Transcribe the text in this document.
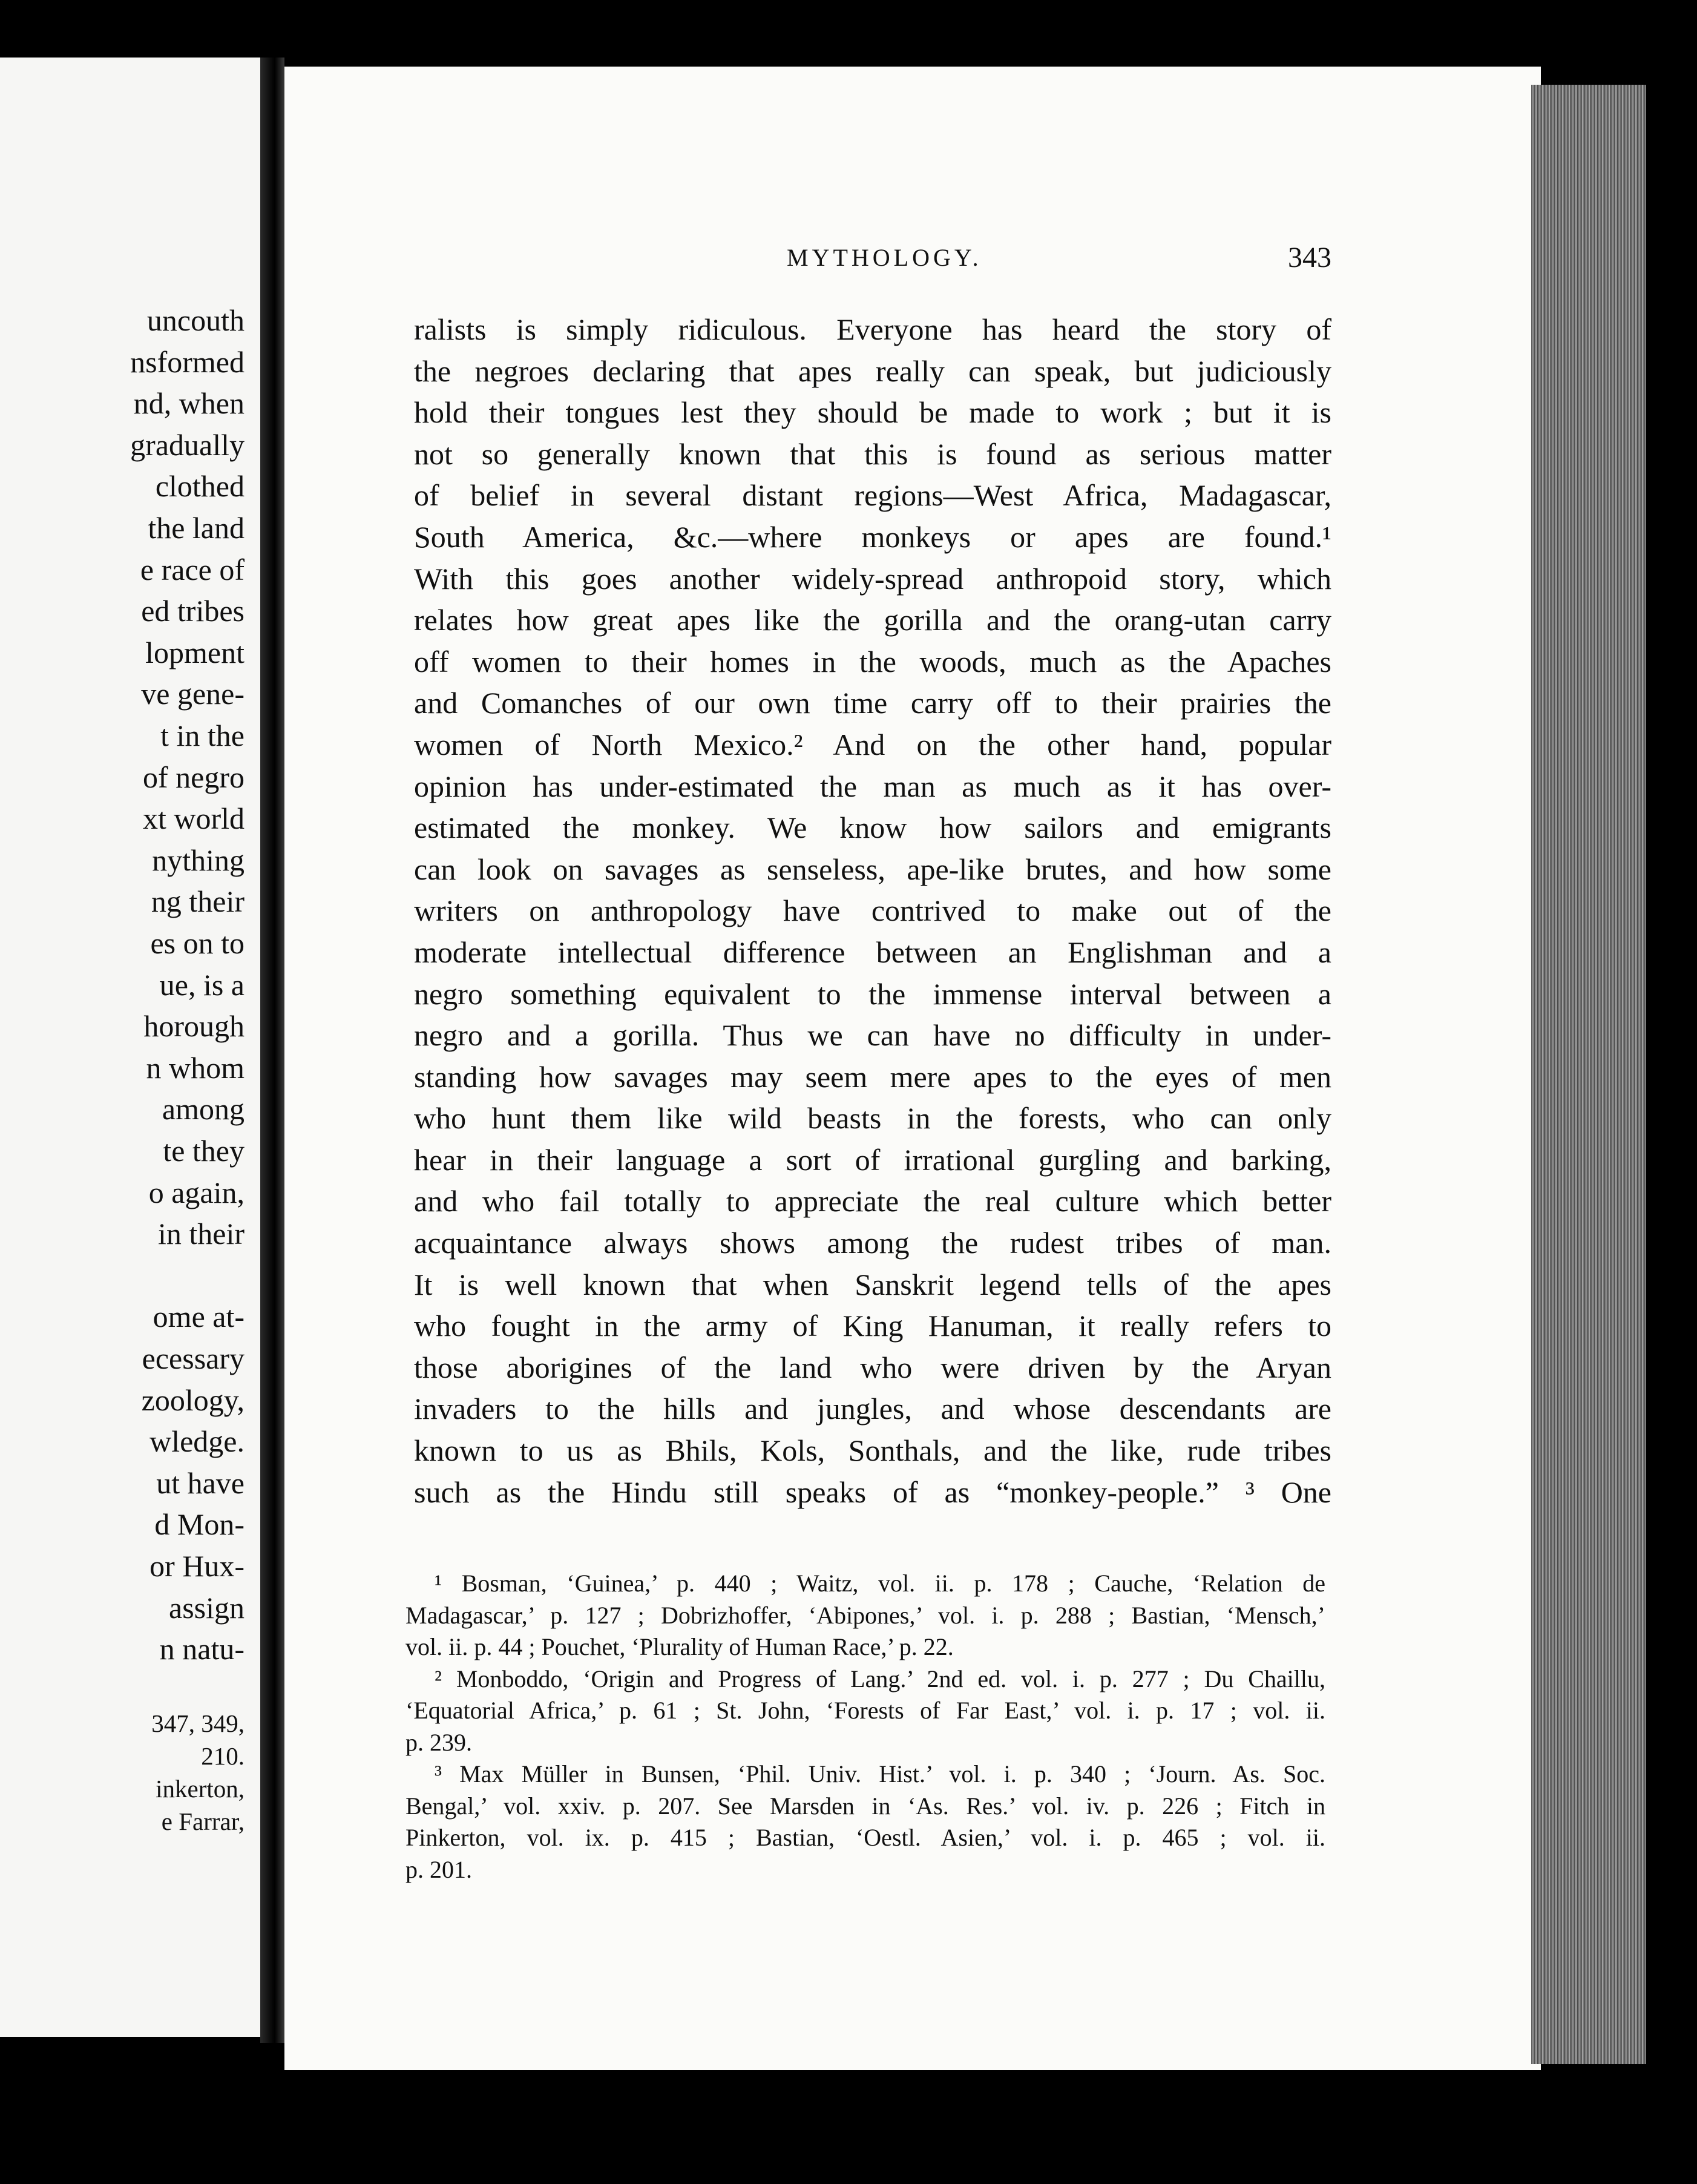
uncouth
nsformed
nd, when
gradually
clothed
the land
e race of
ed tribes
lopment
ve gene-
t in the
of negro
xt world
nything
ng their
es on to
ue, is a
horough
n whom
among
te they
o again,
in their
ome at-
ecessary
zoology,
wledge.
ut have
d Mon-
or Hux-
assign
n natu-
347, 349,
210.
inkerton,
e Farrar,
MYTHOLOGY.	343
ralists is simply ridiculous. Everyone has heard the story of
the negroes declaring that apes really can speak, but judiciously
hold their tongues lest they should be made to work ; but it is
not so generally known that this is found as serious matter
of belief in several distant regions—West Africa, Madagascar,
South America, &c.—where monkeys or apes are found.¹
With this goes another widely-spread anthropoid story, which
relates how great apes like the gorilla and the orang-utan carry
off women to their homes in the woods, much as the Apaches
and Comanches of our own time carry off to their prairies the
women of North Mexico.² And on the other hand, popular
opinion has under-estimated the man as much as it has over-
estimated the monkey. We know how sailors and emigrants
can look on savages as senseless, ape-like brutes, and how some
writers on anthropology have contrived to make out of the
moderate intellectual difference between an Englishman and a
negro something equivalent to the immense interval between a
negro and a gorilla. Thus we can have no difficulty in under-
standing how savages may seem mere apes to the eyes of men
who hunt them like wild beasts in the forests, who can only
hear in their language a sort of irrational gurgling and barking,
and who fail totally to appreciate the real culture which better
acquaintance always shows among the rudest tribes of man.
It is well known that when Sanskrit legend tells of the apes
who fought in the army of King Hanuman, it really refers to
those aborigines of the land who were driven by the Aryan
invaders to the hills and jungles, and whose descendants are
known to us as Bhils, Kols, Sonthals, and the like, rude tribes
such as the Hindu still speaks of as “monkey-people.” ³ One
¹ Bosman, ‘Guinea,’ p. 440 ; Waitz, vol. ii. p. 178 ; Cauche, ‘Relation de
Madagascar,’ p. 127 ; Dobrizhoffer, ‘Abipones,’ vol. i. p. 288 ; Bastian, ‘Mensch,’
vol. ii. p. 44 ; Pouchet, ‘Plurality of Human Race,’ p. 22.
² Monboddo, ‘Origin and Progress of Lang.’ 2nd ed. vol. i. p. 277 ; Du Chaillu,
‘Equatorial Africa,’ p. 61 ; St. John, ‘Forests of Far East,’ vol. i. p. 17 ; vol. ii.
p. 239.
³ Max Müller in Bunsen, ‘Phil. Univ. Hist.’ vol. i. p. 340 ; ‘Journ. As. Soc.
Bengal,’ vol. xxiv. p. 207. See Marsden in ‘As. Res.’ vol. iv. p. 226 ; Fitch in
Pinkerton, vol. ix. p. 415 ; Bastian, ‘Oestl. Asien,’ vol. i. p. 465 ; vol. ii.
p. 201.
